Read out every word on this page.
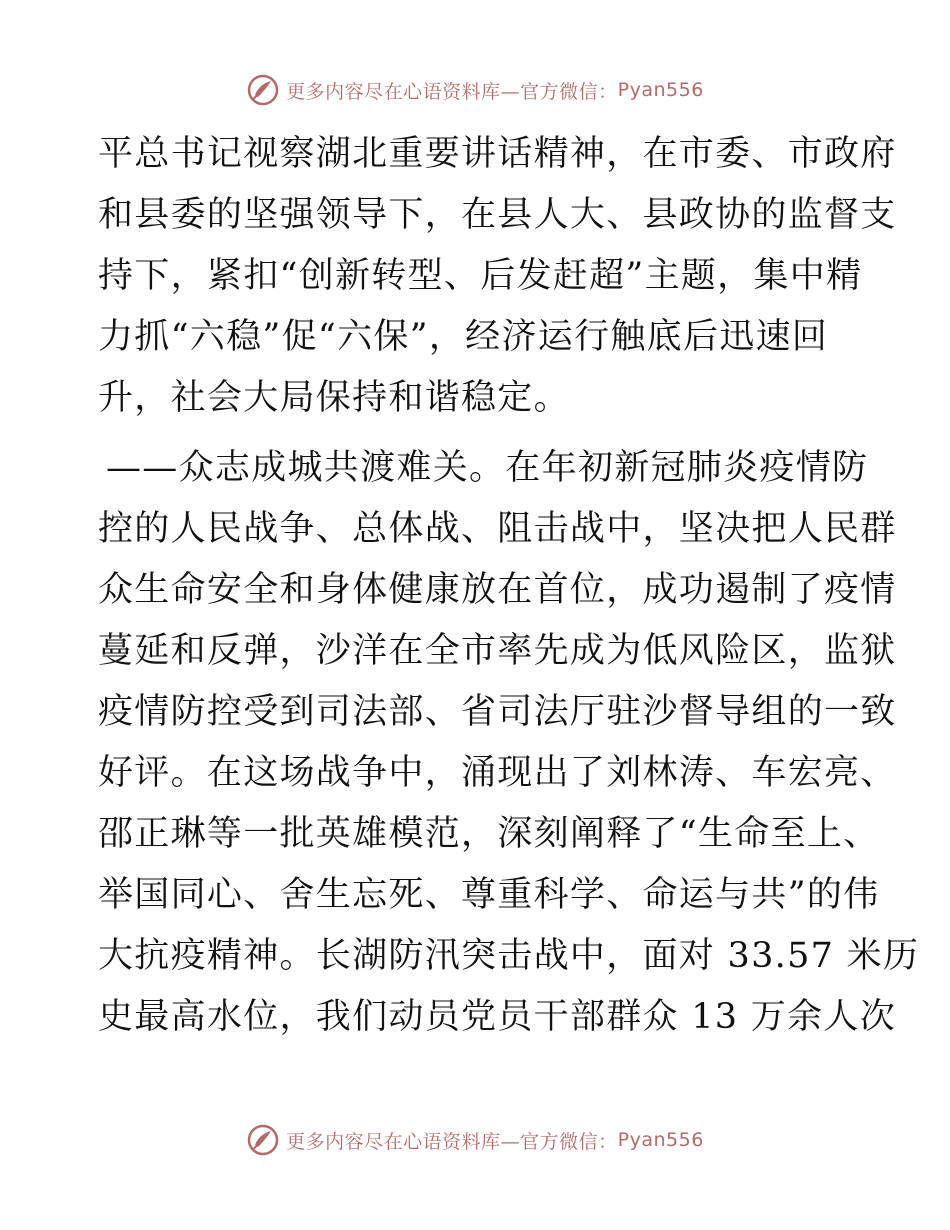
更多内容尽在心语资料库—官方微信： Pyan556
平总书记视察湖北重要讲话精神，在市委、市政府
和县委的坚强领导下，在县人大、县政协的监督支
持下，紧扣“创新转型、后发赶超”主题，集中精
力抓“六稳”促“六保”，经济运行触底后迅速回
升，社会大局保持和谐稳定。
——众志成城共渡难关。在年初新冠肺炎疫情防
控的人民战争、总体战、阻击战中，坚决把人民群
众生命安全和身体健康放在首位，成功遏制了疫情
蔓延和反弹，沙洋在全市率先成为低风险区，监狱
疫情防控受到司法部、省司法厅驻沙督导组的一致
好评。在这场战争中，涌现出了刘林涛、车宏亮、
邵正琳等一批英雄模范，深刻阐释了“生命至上、
举国同心、舍生忘死、尊重科学、命运与共”的伟
大抗疫精神。长湖防汛突击战中，面对 33.57 米历
史最高水位，我们动员党员干部群众 13 万余人次
更多内容尽在心语资料库—官方微信： Pyan556
